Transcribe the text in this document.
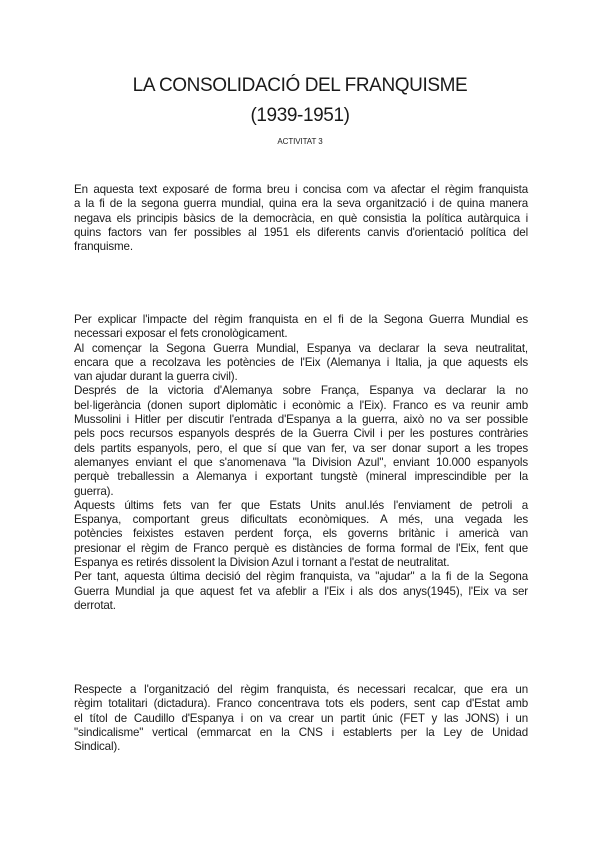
LA CONSOLIDACIÓ DEL FRANQUISME
(1939-1951)
ACTIVITAT 3
En aquesta text exposaré de forma breu i concisa com va afectar el règim franquista
a la fi de la segona guerra mundial, quina era la seva organització i de quina manera
negava els principis bàsics de la democràcia, en què consistia la política autàrquica i
quins factors van fer possibles al 1951 els diferents canvis d'orientació política del
franquisme.
Per explicar l'impacte del règim franquista en el fi de la Segona Guerra Mundial es
necessari exposar el fets cronològicament.
Al començar la Segona Guerra Mundial, Espanya va declarar la seva neutralitat,
encara que a recolzava les potències de l'Eix (Alemanya i Italia, ja que aquests els
van ajudar durant la guerra civil).
Després de la victoria d'Alemanya sobre França, Espanya va declarar la no
bel·ligerància (donen suport diplomàtic i econòmic a l'Eix). Franco es va reunir amb
Mussolini i Hitler per discutir l'entrada d'Espanya a la guerra, això no va ser possible
pels pocs recursos espanyols després de la Guerra Civil i per les postures contràries
dels partits espanyols, pero, el que sí que van fer, va ser donar suport a les tropes
alemanyes enviant el que s'anomenava "la Division Azul", enviant 10.000 espanyols
perquè treballessin a Alemanya i exportant tungstè (mineral imprescindible per la
guerra).
Aquests últims fets van fer que Estats Units anul.lés l'enviament de petroli a
Espanya, comportant greus dificultats econòmiques. A més, una vegada les
potències feixistes estaven perdent força, els governs britànic i americà van
presionar el règim de Franco perquè es distàncies de forma formal de l'Eix, fent que
Espanya es retirés dissolent la Division Azul i tornant a l'estat de neutralitat.
Per tant, aquesta última decisió del règim franquista, va "ajudar" a la fi de la Segona
Guerra Mundial ja que aquest fet va afeblir a l'Eix i als dos anys(1945), l'Eix va ser
derrotat.
Respecte a l'organització del règim franquista, és necessari recalcar, que era un
règim totalitari (dictadura). Franco concentrava tots els poders, sent cap d'Estat amb
el títol de Caudillo d'Espanya i on va crear un partit únic (FET y las JONS) i un
"sindicalisme" vertical (emmarcat en la CNS i establerts per la Ley de Unidad
Sindical).
